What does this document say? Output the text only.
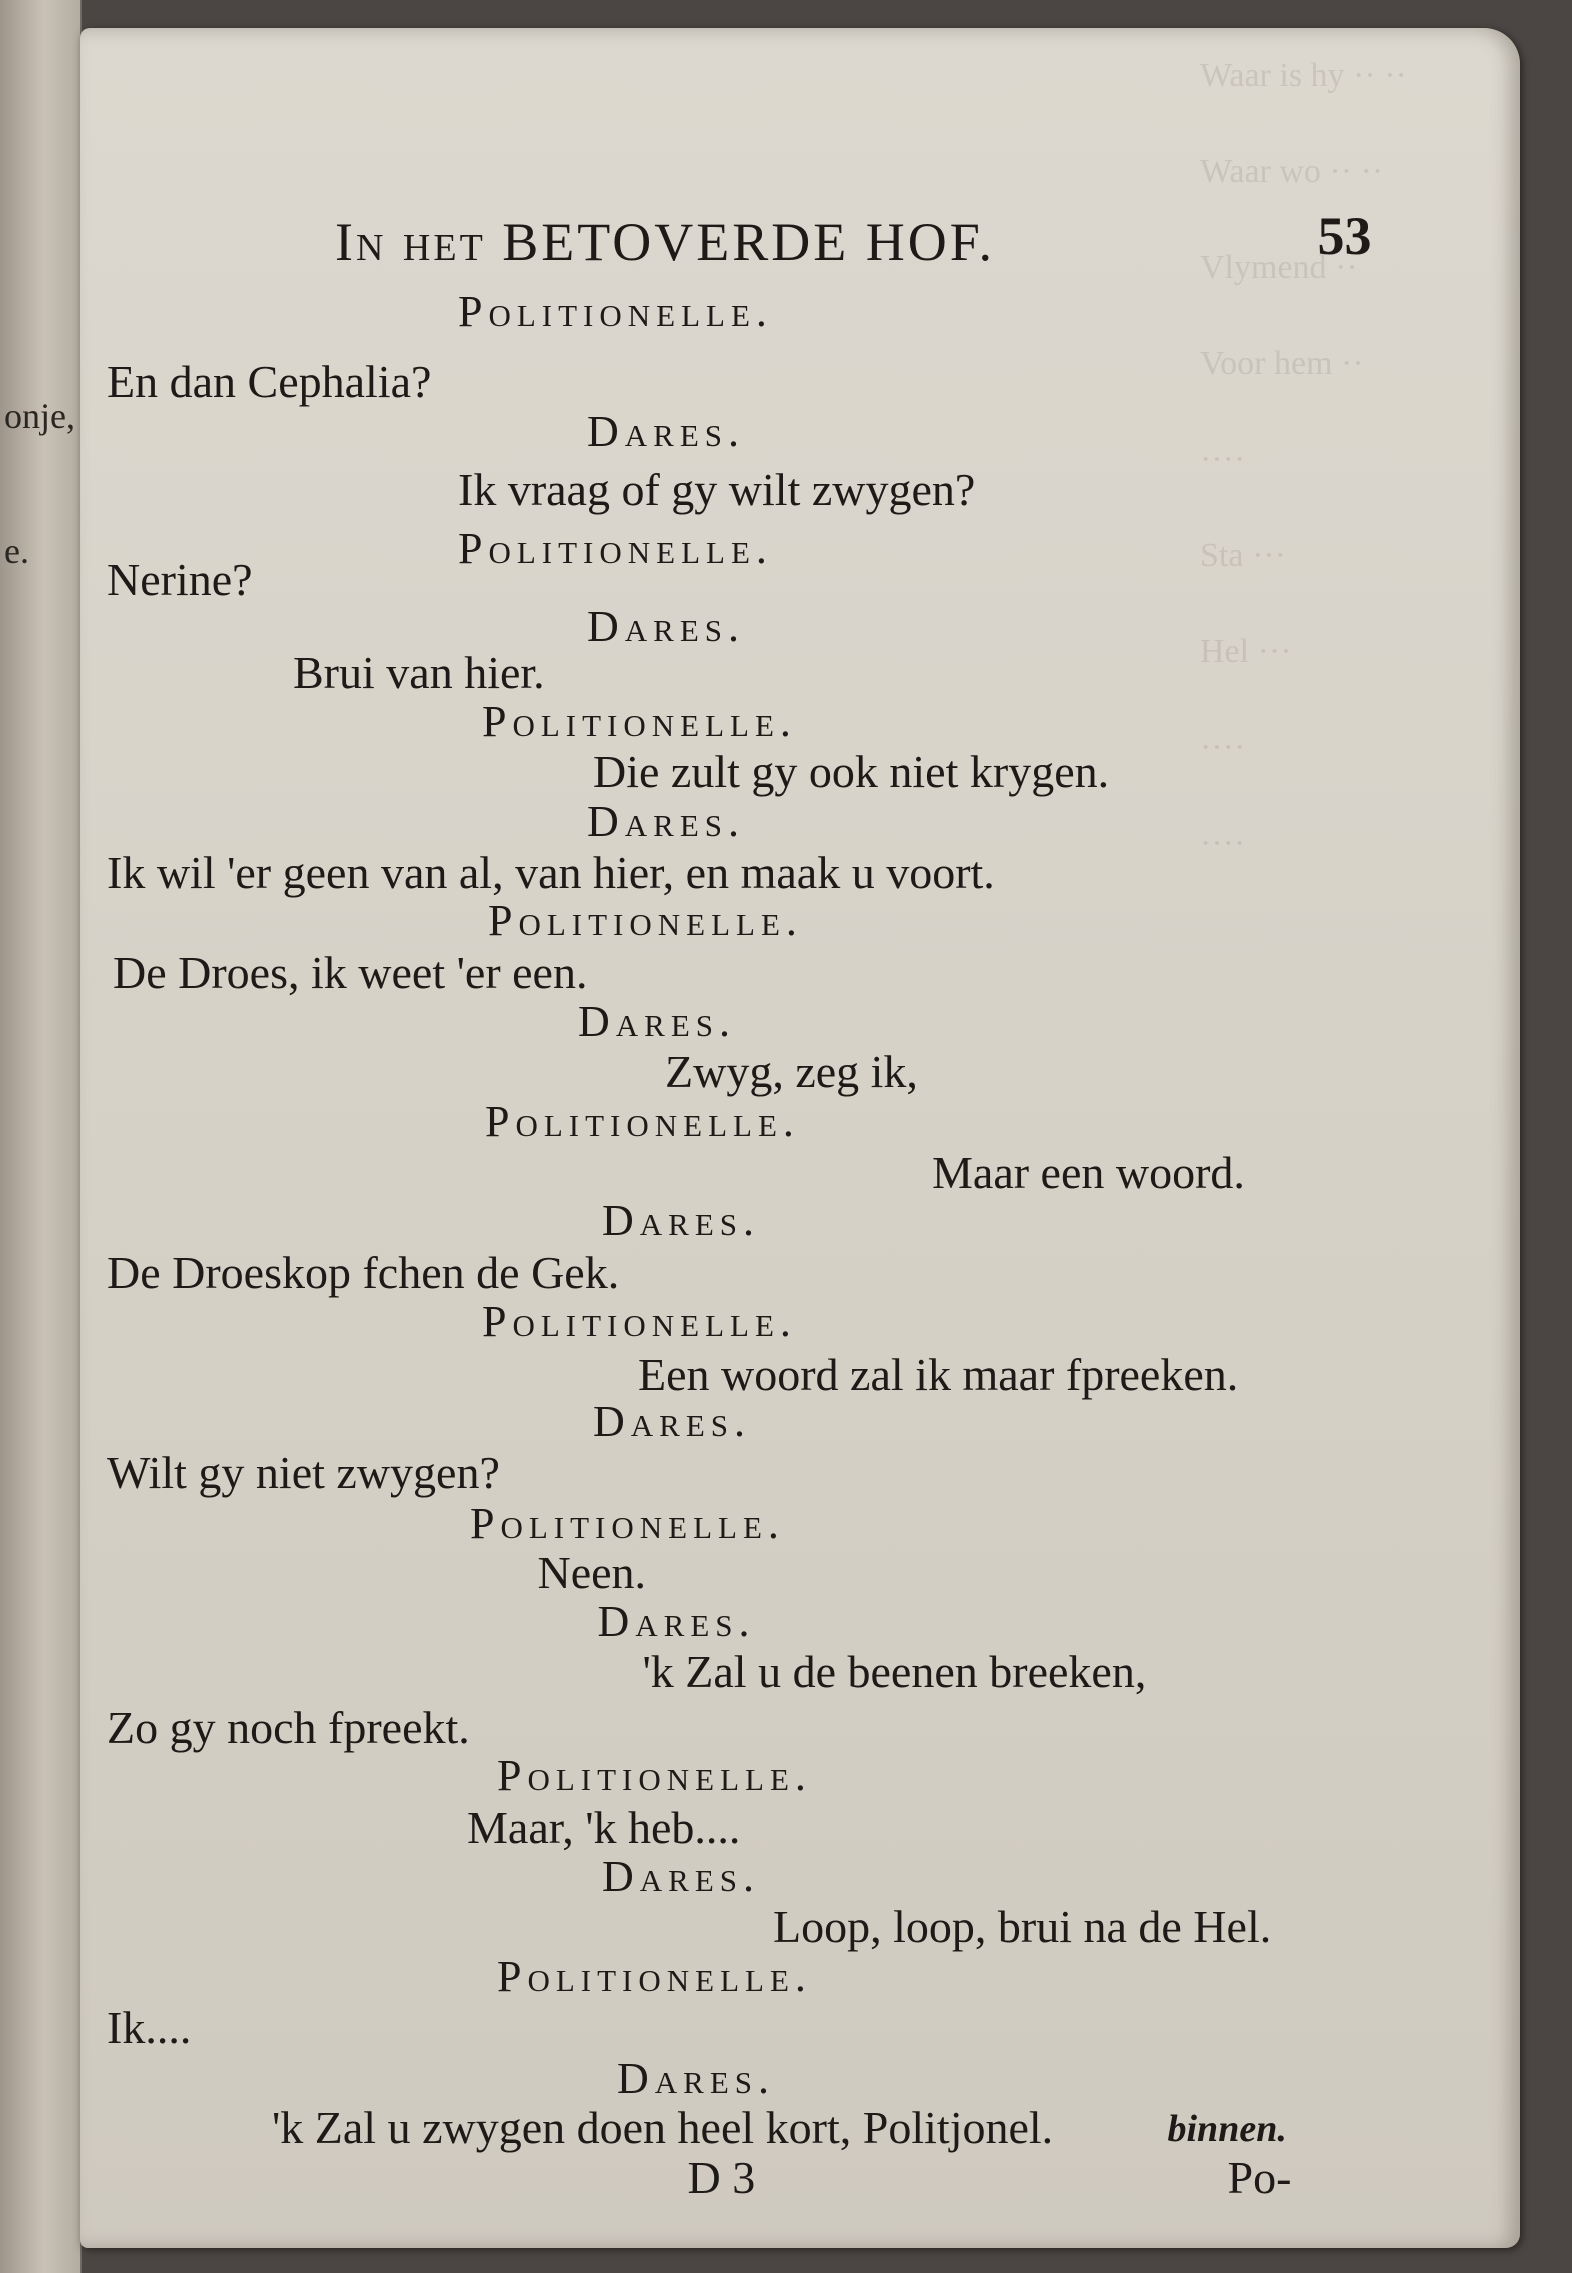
onje,
e.
Waar is hy ·· ··
Waar wo ·· ··
Vlymend ··
Voor hem ··
····
Sta ···
Hel ···
····
····
In het BETOVERDE HOF.	53
Politionelle.
En dan Cephalia?
Dares.
Ik vraag of gy wilt zwygen?
Politionelle.
Nerine?
Dares.
Brui van hier.
Politionelle.
Die zult gy ook niet krygen.
Dares.
Ik wil 'er geen van al, van hier, en maak u voort.
Politionelle.
De Droes, ik weet 'er een.
Dares.
Zwyg, zeg ik,
Politionelle.
Maar een woord.
Dares.
De Droeskop fchen de Gek.
Politionelle.
Een woord zal ik maar fpreeken.
Dares.
Wilt gy niet zwygen?
Politionelle.
Neen.
Dares.
'k Zal u de beenen breeken,
Zo gy noch fpreekt.
Politionelle.
Maar, 'k heb....
Dares.
Loop, loop, brui na de Hel.
Politionelle.
Ik....
Dares.
'k Zal u zwygen doen heel kort, Politjonel.	binnen.
D 3	Po-
